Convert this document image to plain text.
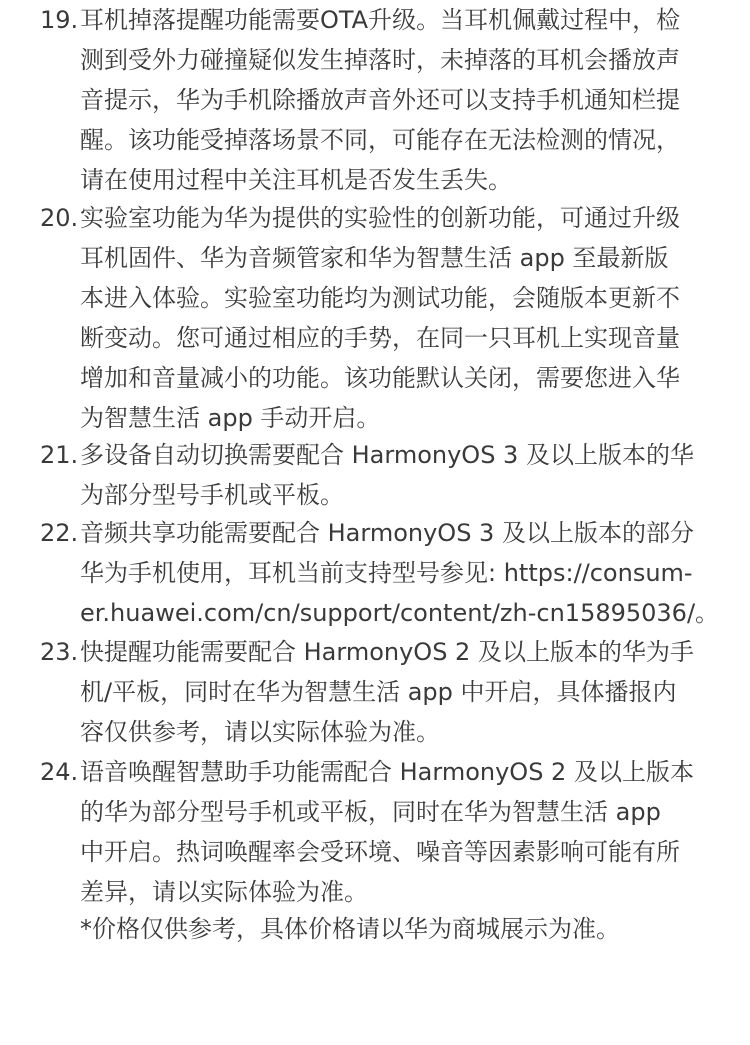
19. 耳机掉落提醒功能需要OTA升级。当耳机佩戴过程中，检
测到受外力碰撞疑似发生掉落时，未掉落的耳机会播放声
音提示，华为手机除播放声音外还可以支持手机通知栏提
醒。该功能受掉落场景不同，可能存在无法检测的情况，
请在使用过程中关注耳机是否发生丢失。
20. 实验室功能为华为提供的实验性的创新功能，可通过升级
耳机固件、华为音频管家和华为智慧生活 app 至最新版
本进入体验。实验室功能均为测试功能，会随版本更新不
断变动。您可通过相应的手势，在同一只耳机上实现音量
增加和音量减小的功能。该功能默认关闭，需要您进入华
为智慧生活 app 手动开启。
21. 多设备自动切换需要配合 HarmonyOS 3 及以上版本的华
为部分型号手机或平板。
22. 音频共享功能需要配合 HarmonyOS 3 及以上版本的部分
华为手机使用，耳机当前支持型号参见: https://consum-
er.huawei.com/cn/support/content/zh-cn15895036/。
23. 快提醒功能需要配合 HarmonyOS 2 及以上版本的华为手
机/平板，同时在华为智慧生活 app 中开启，具体播报内
容仅供参考，请以实际体验为准。
24. 语音唤醒智慧助手功能需配合 HarmonyOS 2 及以上版本
的华为部分型号手机或平板，同时在华为智慧生活 app
中开启。热词唤醒率会受环境、噪音等因素影响可能有所
差异，请以实际体验为准。
*价格仅供参考，具体价格请以华为商城展示为准。
